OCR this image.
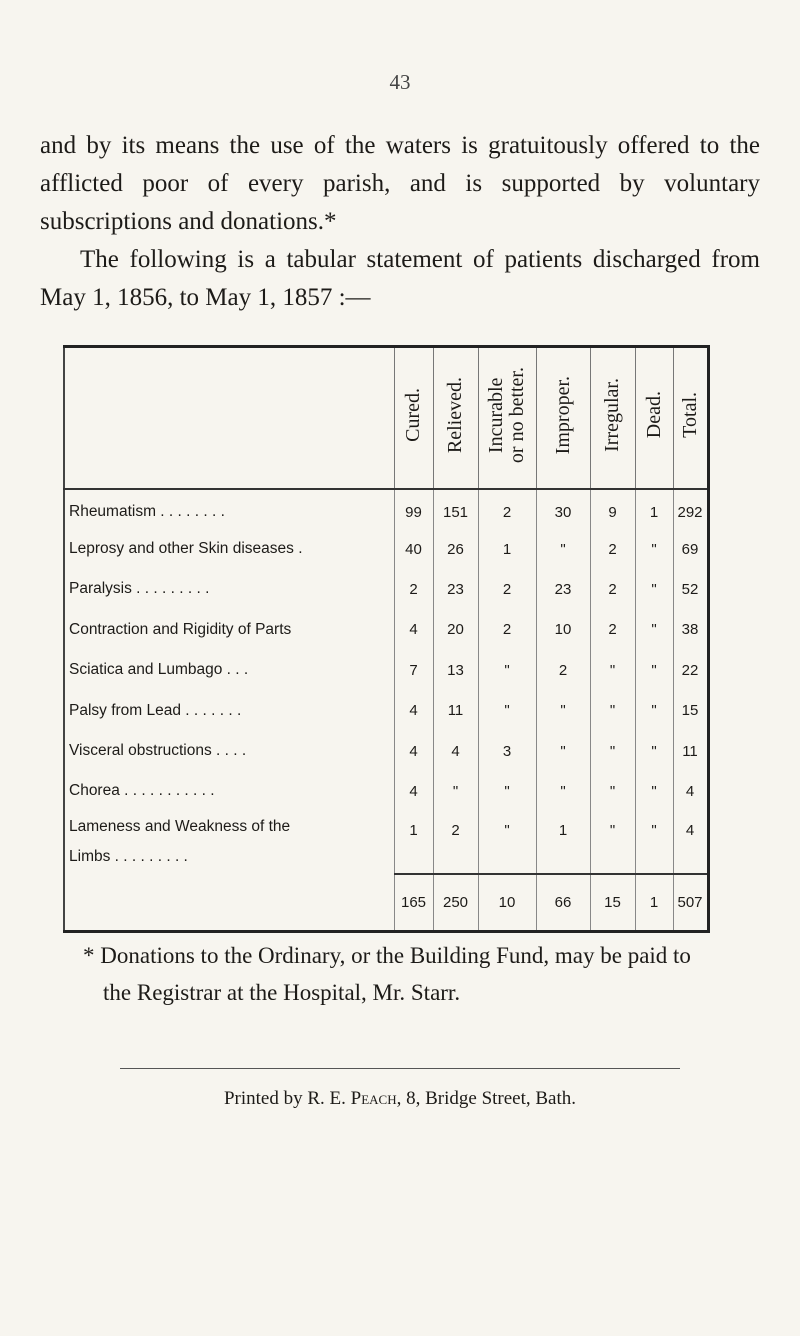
43

and by its means the use of the waters is gratuitously offered to the afflicted poor of every parish, and is supported by voluntary subscriptions and donations.*

The following is a tabular statement of patients discharged from May 1, 1856, to May 1, 1857 :—

	Cured.	Relieved.	Incurable
or no better.	Improper.	Irregular.	Dead.	Total.
Rheumatism . . . . . . . .	99	151	2	30	9	1	292
Leprosy and other Skin diseases .	40	26	1	"	2	"	69
Paralysis . . . . . . . . .	2	23	2	23	2	"	52
Contraction and Rigidity of Parts	4	20	2	10	2	"	38
Sciatica and Lumbago . . .	7	13	"	2	"	"	22
Palsy from Lead . . . . . . .	4	11	"	"	"	"	15
Visceral obstructions . . . .	4	4	3	"	"	"	11
Chorea . . . . . . . . . . .	4	"	"	"	"	"	4

Lameness and Weakness of the
Limbs . . . . . . . . .	1	2	"	1	"	"	4
	165	250	10	66	15	1	507

* Donations to the Ordinary, or the Building Fund, may be paid to

the Registrar at the Hospital, Mr. Starr.

Printed by R. E. Peach, 8, Bridge Street, Bath.
